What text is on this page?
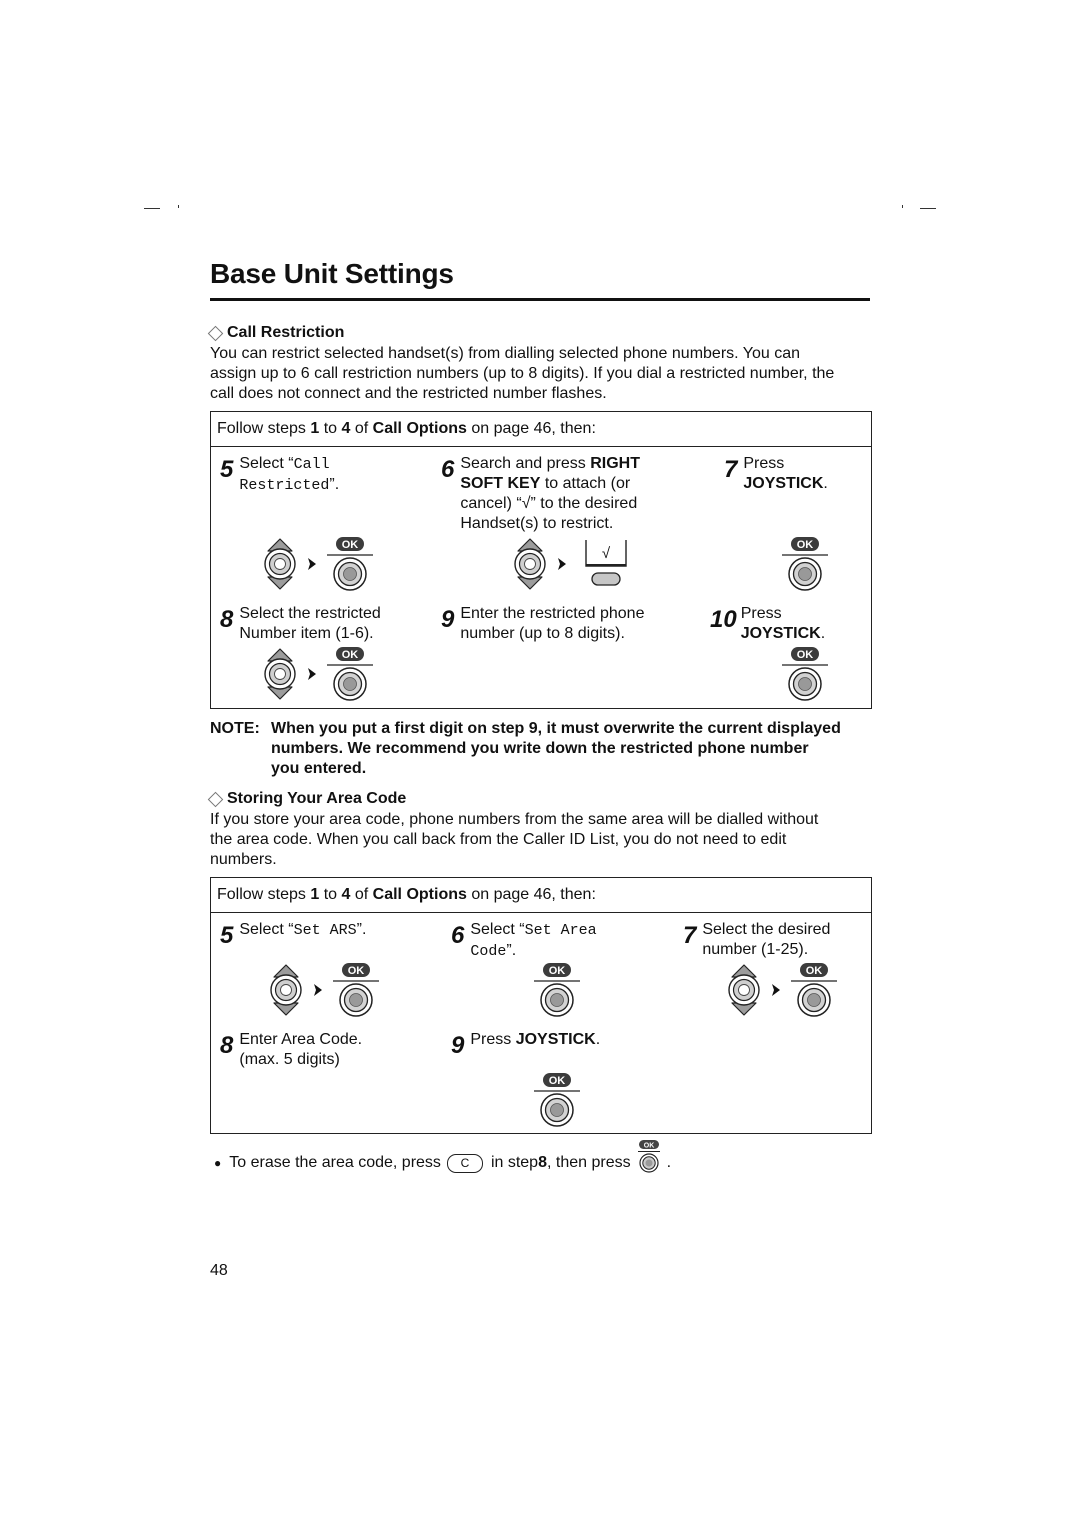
Base Unit Settings
Call Restriction
You can restrict selected handset(s) from dialling selected phone numbers. You can
assign up to 6 call restriction numbers (up to 8 digits). If you dial a restricted number, the
call does not connect and the restricted number flashes.
Follow steps 1 to 4 of Call Options on page 46, then:
5 Select “Call
Restricted”.
6 Search and press RIGHT
SOFT KEY to attach (or
cancel) “√” to the desired
Handset(s) to restrict.
7 Press
JOYSTICK.
8 Select the restricted
Number item (1-6).
9 Enter the restricted phone
number (up to 8 digits).
10 Press
JOYSTICK.
NOTE: When you put a first digit on step 9, it must overwrite the current displayed
numbers. We recommend you write down the restricted phone number
you entered.
Storing Your Area Code
If you store your area code, phone numbers from the same area will be dialled without
the area code. When you call back from the Caller ID List, you do not need to edit
numbers.
Follow steps 1 to 4 of Call Options on page 46, then:
5 Select “Set ARS”.	6 Select “Set Area
Code”.
7 Select the desired
number (1-25).
8 Enter Area Code.
(max. 5 digits)
9 Press JOYSTICK.
● To erase the area code, press C in step 8 , then press
OK
.
48
OK	√	OK
OK	OK
OK	OK	OK
OK
